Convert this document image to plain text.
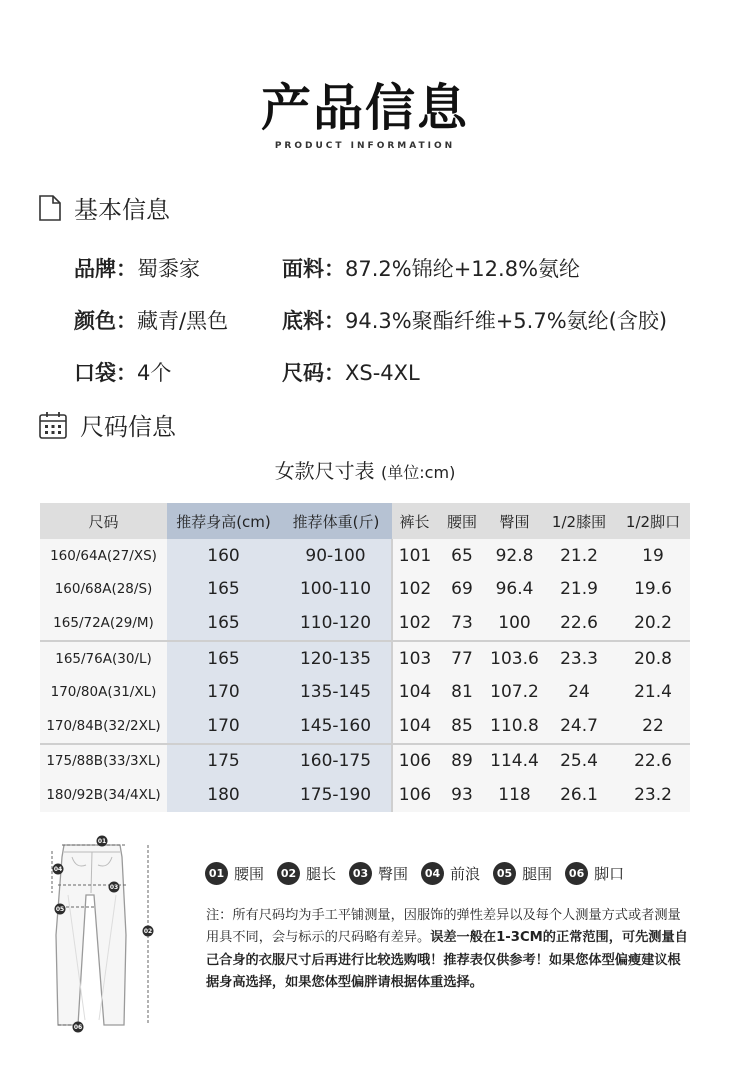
产品信息
PRODUCT INFORMATION
基本信息
品牌：蜀黍家	面料：87.2%锦纶+12.8%氨纶
颜色：藏青/黑色	底料：94.3%聚酯纤维+5.7%氨纶(含胶)
口袋：4个	尺码：XS-4XL
尺码信息
女款尺寸表 (单位:cm)
尺码	推荐身高(cm)	推荐体重(斤)	裤长	腰围	臀围	1/2膝围	1/2脚口
160/64A(27/XS)	160	90-100	101	65	92.8	21.2	19
160/68A(28/S)	165	100-110	102	69	96.4	21.9	19.6
165/72A(29/M)	165	110-120	102	73	100	22.6	20.2
165/76A(30/L)	165	120-135	103	77	103.6	23.3	20.8
170/80A(31/XL)	170	135-145	104	81	107.2	24	21.4
170/84B(32/2XL)	170	145-160	104	85	110.8	24.7	22
175/88B(33/3XL)	175	160-175	106	89	114.4	25.4	22.6
180/92B(34/4XL)	180	175-190	106	93	118	26.1	23.2
01
02
03
04
05
06
01 腰围	02 腿长	03 臀围	04 前浪	05 腿围	06 脚口
注：所有尺码均为手工平铺测量，因服饰的弹性差异以及每个人测量方式或者测量用具不同，会与标示的尺码略有差异。误差一般在1-3CM的正常范围，可先测量自己合身的衣服尺寸后再进行比较选购哦！推荐表仅供参考！如果您体型偏瘦建议根据身高选择，如果您体型偏胖请根据体重选择。
